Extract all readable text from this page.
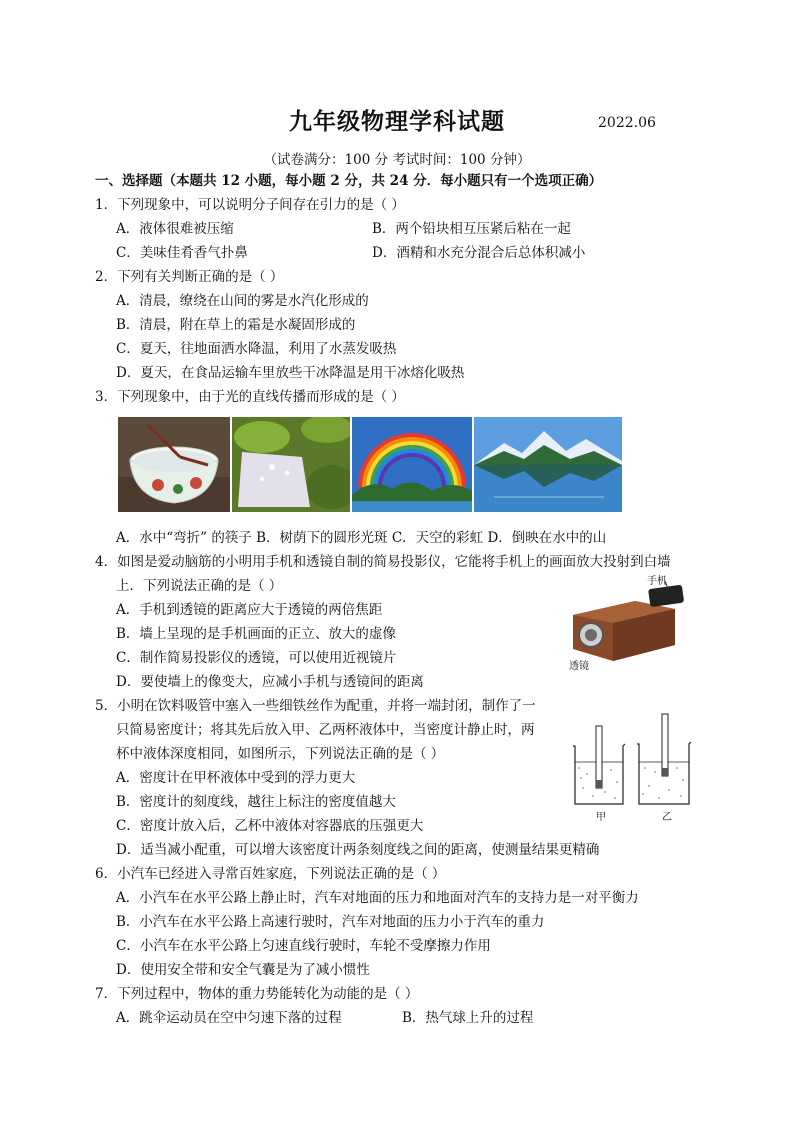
九年级物理学科试题	2022.06
（试卷满分：100 分 考试时间：100 分钟）
一、选择题（本题共 12 小题，每小题 2 分，共 24 分．每小题只有一个选项正确）
1．下列现象中，可以说明分子间存在引力的是（ ）
A．液体很难被压缩	B．两个铅块相互压紧后粘在一起
C．美味佳肴香气扑鼻	D．酒精和水充分混合后总体积减小
2．下列有关判断正确的是（ ）
A．清晨，缭绕在山间的雾是水汽化形成的
B．清晨，附在草上的霜是水凝固形成的
C．夏天，往地面洒水降温，利用了水蒸发吸热
D．夏天，在食品运输车里放些干冰降温是用干冰熔化吸热
3．下列现象中，由于光的直线传播而形成的是（ ）
A．水中“弯折” 的筷子 B．树荫下的圆形光斑 C．天空的彩虹 D．倒映在水中的山
4．如图是爱动脑筋的小明用手机和透镜自制的简易投影仪，它能将手机上的画面放大投射到白墙
上．下列说法正确的是（ ）
A．手机到透镜的距离应大于透镜的两倍焦距
B．墙上呈现的是手机画面的正立、放大的虚像
C．制作简易投影仪的透镜，可以使用近视镜片
D．要使墙上的像变大，应减小手机与透镜间的距离
手机
透镜
5．小明在饮料吸管中塞入一些细铁丝作为配重，并将一端封闭，制作了一
只简易密度计；将其先后放入甲、乙两杯液体中，当密度计静止时，两
杯中液体深度相同，如图所示，下列说法正确的是（ ）
A．密度计在甲杯液体中受到的浮力更大
B．密度计的刻度线，越往上标注的密度值越大
C．密度计放入后，乙杯中液体对容器底的压强更大
D．适当减小配重，可以增大该密度计两条刻度线之间的距离，使测量结果更精确
甲	乙
6．小汽车已经进入寻常百姓家庭，下列说法正确的是（ ）
A．小汽车在水平公路上静止时，汽车对地面的压力和地面对汽车的支持力是一对平衡力
B．小汽车在水平公路上高速行驶时，汽车对地面的压力小于汽车的重力
C．小汽车在水平公路上匀速直线行驶时，车轮不受摩擦力作用
D．使用安全带和安全气囊是为了减小惯性
7．下列过程中，物体的重力势能转化为动能的是（ ）
A．跳伞运动员在空中匀速下落的过程	B．热气球上升的过程
